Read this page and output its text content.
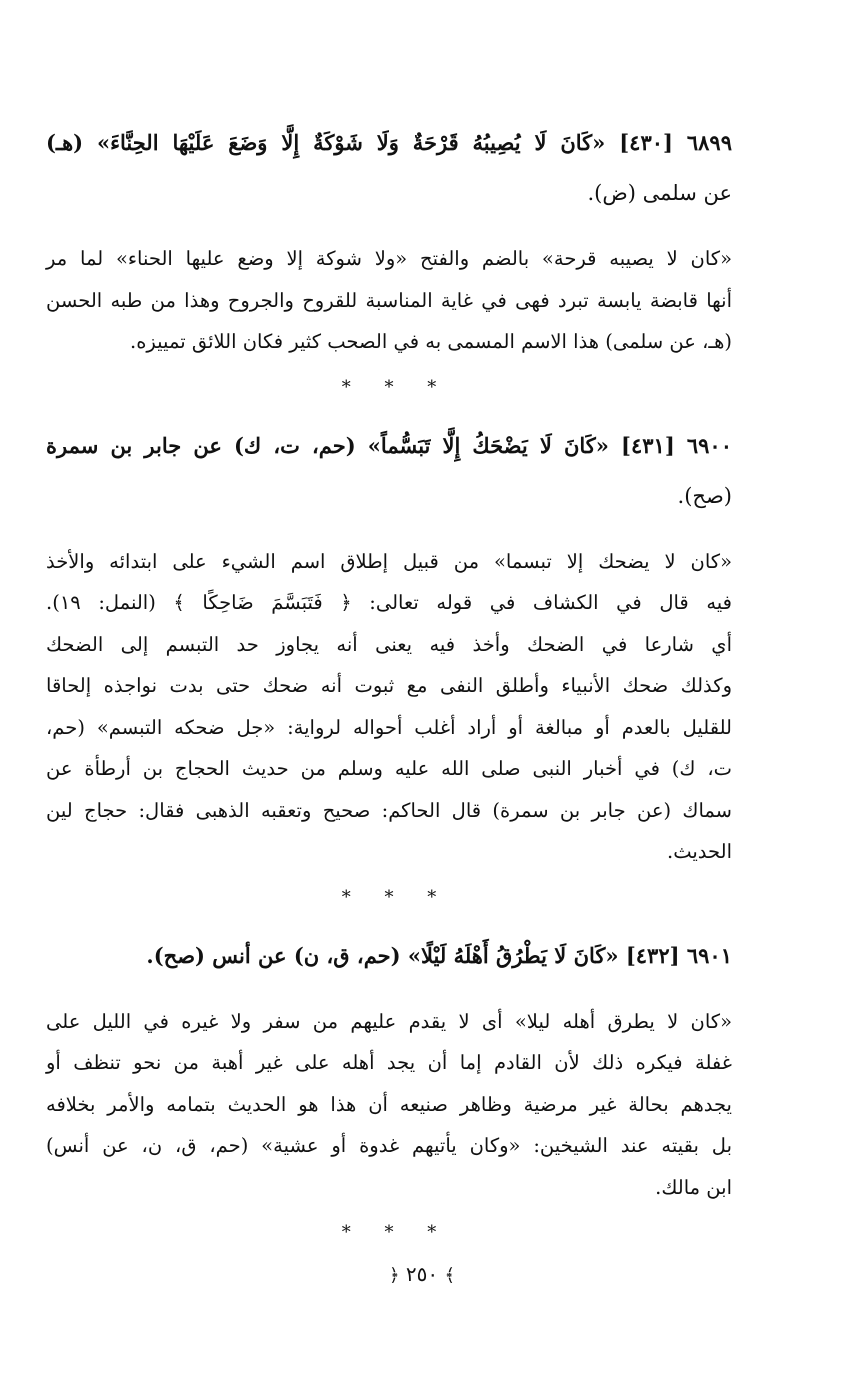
٦٨٩٩ [٤٣٠] «كَانَ لَا يُصِيبُهُ قَرْحَةٌ وَلَا شَوْكَةٌ إِلَّا وَضَعَ عَلَيْهَا الحِنَّاءَ» (هـ)
عن سلمى (ض).
«كان لا يصيبه قرحة» بالضم والفتح «ولا شوكة إلا وضع عليها الحناء» لما مر
أنها قابضة يابسة تبرد فهى في غاية المناسبة للقروح والجروح وهذا من طبه الحسن
(هـ، عن سلمى) هذا الاسم المسمى به في الصحب كثير فكان اللائق تمييزه.
* * *
٦٩٠٠ [٤٣١] «كَانَ لَا يَضْحَكُ إِلَّا تَبَسُّماً» (حم، ت، ك) عن جابر بن سمرة
(صح).
«كان لا يضحك إلا تبسما» من قبيل إطلاق اسم الشيء على ابتدائه والأخذ
فيه قال في الكشاف في قوله تعالى: ﴿ فَتَبَسَّمَ ضَاحِكًا ﴾ (النمل: ١٩).
أي شارعا في الضحك وأخذ فيه يعنى أنه يجاوز حد التبسم إلى الضحك
وكذلك ضحك الأنبياء وأطلق النفى مع ثبوت أنه ضحك حتى بدت نواجذه إلحاقا
للقليل بالعدم أو مبالغة أو أراد أغلب أحواله لرواية: «جل ضحكه التبسم» (حم،
ت، ك) في أخبار النبى صلى الله عليه وسلم من حديث الحجاج بن أرطأة عن
سماك (عن جابر بن سمرة) قال الحاكم: صحيح وتعقبه الذهبى فقال: حجاج لين
الحديث.
* * *
٦٩٠١ [٤٣٢] «كَانَ لَا يَطْرُقُ أَهْلَهُ لَيْلًا» (حم، ق، ن) عن أنس (صح).
«كان لا يطرق أهله ليلا» أى لا يقدم عليهم من سفر ولا غيره في الليل على
غفلة فيكره ذلك لأن القادم إما أن يجد أهله على غير أهبة من نحو تنظف أو
يجدهم بحالة غير مرضية وظاهر صنيعه أن هذا هو الحديث بتمامه والأمر بخلافه
بل بقيته عند الشيخين: «وكان يأتيهم غدوة أو عشية» (حم، ق، ن، عن أنس)
ابن مالك.
* * *
﴾ ٢٥٠ ﴿
